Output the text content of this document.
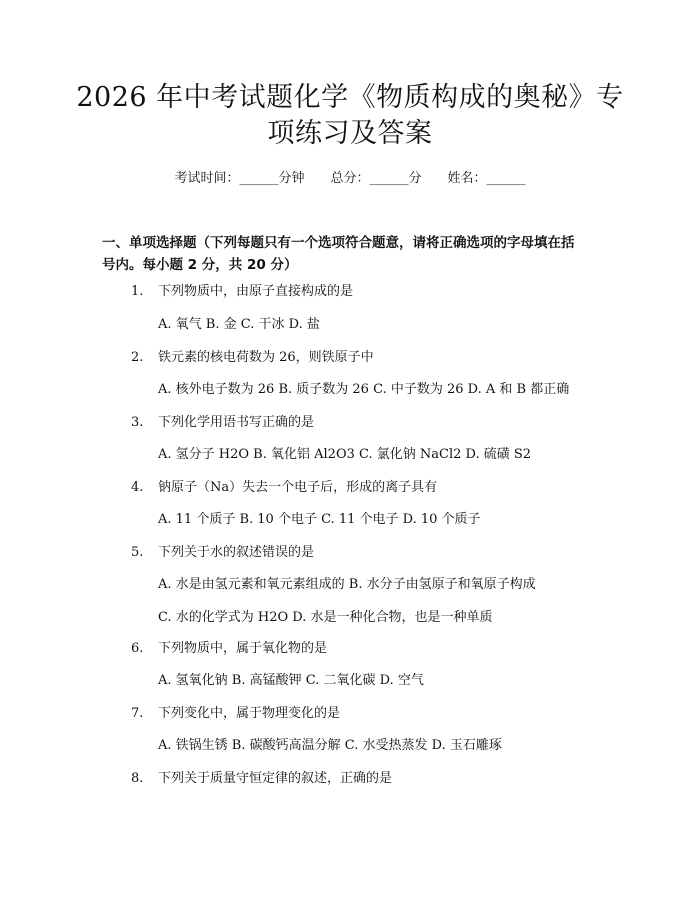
2026 年中考试题化学《物质构成的奥秘》专
项练习及答案
考试时间：______分钟 总分：______分 姓名：______
一、单项选择题（下列每题只有一个选项符合题意，请将正确选项的字母填在括
号内。每小题 2 分，共 20 分）
1. 下列物质中，由原子直接构成的是
A. 氧气 B. 金 C. 干冰 D. 盐
2. 铁元素的核电荷数为 26，则铁原子中
A. 核外电子数为 26 B. 质子数为 26 C. 中子数为 26 D. A 和 B 都正确
3. 下列化学用语书写正确的是
A. 氢分子 H2O B. 氧化铝 Al2O3 C. 氯化钠 NaCl2 D. 硫磺 S2
4. 钠原子（Na）失去一个电子后，形成的离子具有
A. 11 个质子 B. 10 个电子 C. 11 个电子 D. 10 个质子
5. 下列关于水的叙述错误的是
A. 水是由氢元素和氧元素组成的 B. 水分子由氢原子和氧原子构成
C. 水的化学式为 H2O D. 水是一种化合物，也是一种单质
6. 下列物质中，属于氧化物的是
A. 氢氧化钠 B. 高锰酸钾 C. 二氧化碳 D. 空气
7. 下列变化中，属于物理变化的是
A. 铁锅生锈 B. 碳酸钙高温分解 C. 水受热蒸发 D. 玉石雕琢
8. 下列关于质量守恒定律的叙述，正确的是
